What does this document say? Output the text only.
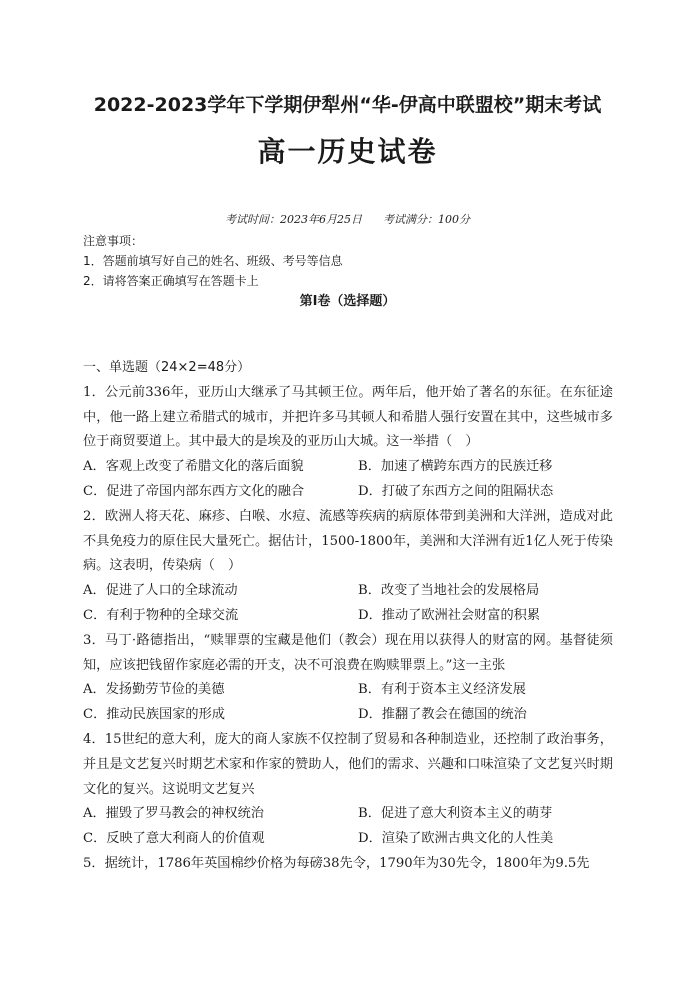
2022-2023学年下学期伊犁州“华-伊高中联盟校”期末考试
高一历史试卷
考试时间：2023年6月25日      考试满分：100分
注意事项：
1．答题前填写好自己的姓名、班级、考号等信息
2．请将答案正确填写在答题卡上
第I卷（选择题）
一、单选题（24×2=48分）
1．公元前336年，亚历山大继承了马其顿王位。两年后，他开始了著名的东征。在东征途中，他一路上建立希腊式的城市，并把许多马其顿人和希腊人强行安置在其中，这些城市多位于商贸要道上。其中最大的是埃及的亚历山大城。这一举措（　）
A．客观上改变了希腊文化的落后面貌	B．加速了横跨东西方的民族迁移
C．促进了帝国内部东西方文化的融合	D．打破了东西方之间的阻隔状态
2．欧洲人将天花、麻疹、白喉、水痘、流感等疾病的病原体带到美洲和大洋洲，造成对此不具免疫力的原住民大量死亡。据估计，1500-1800年，美洲和大洋洲有近1亿人死于传染病。这表明，传染病（　）
A．促进了人口的全球流动	B．改变了当地社会的发展格局
C．有利于物种的全球交流	D．推动了欧洲社会财富的积累
3．马丁·路德指出，“赎罪票的宝藏是他们（教会）现在用以获得人的财富的网。基督徒须知，应该把钱留作家庭必需的开支，决不可浪费在购赎罪票上。”这一主张
A．发扬勤劳节俭的美德	B．有利于资本主义经济发展
C．推动民族国家的形成	D．推翻了教会在德国的统治
4．15世纪的意大利，庞大的商人家族不仅控制了贸易和各种制造业，还控制了政治事务，并且是文艺复兴时期艺术家和作家的赞助人，他们的需求、兴趣和口味渲染了文艺复兴时期文化的复兴。这说明文艺复兴
A．摧毁了罗马教会的神权统治	B．促进了意大利资本主义的萌芽
C．反映了意大利商人的价值观	D．渲染了欧洲古典文化的人性美
5．据统计，1786年英国棉纱价格为每磅38先令，1790年为30先令，1800年为9.5先
